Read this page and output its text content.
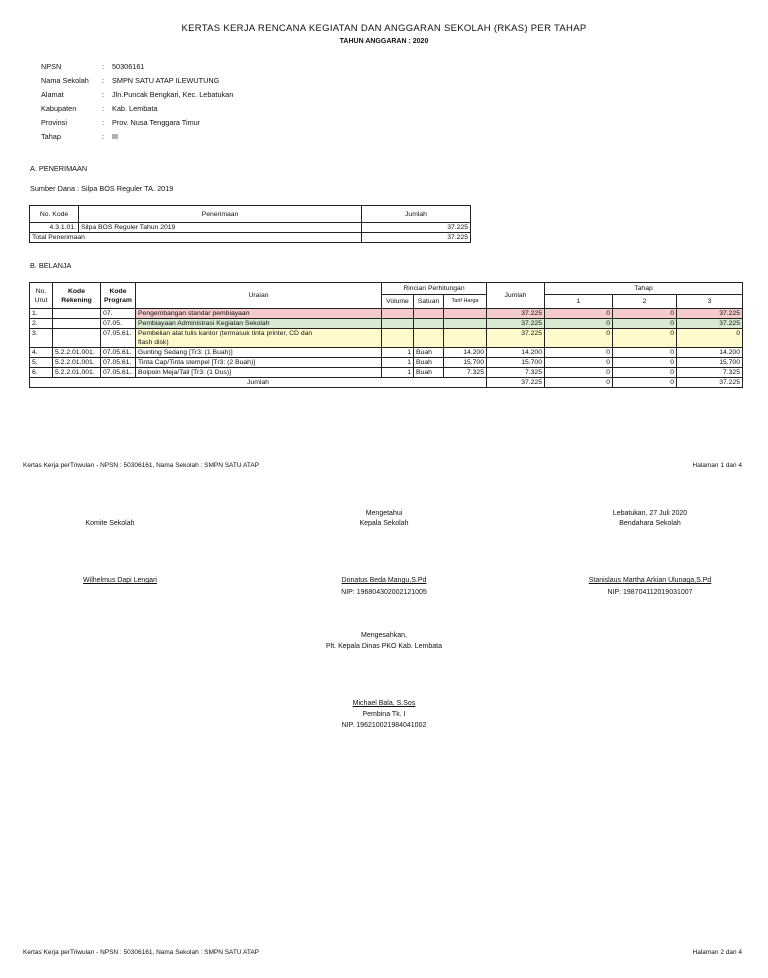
KERTAS KERJA RENCANA KEGIATAN DAN ANGGARAN SEKOLAH (RKAS) PER TAHAP
TAHUN ANGGARAN : 2020
NPSN	: 50306161
Nama Sekolah	: SMPN SATU ATAP ILEWUTUNG
Alamat	: Jln.Puncak Bengkari, Kec. Lebatukan
Kabupaten	: Kab. Lembata
Provinsi	: Prov. Nusa Tenggara Timur
Tahap	: III
A. PENERIMAAN
Sumber Dana : Silpa BOS Reguler TA. 2019
No. Kode	Penerimaan	Jumlah
4.3.1.01.	Silpa BOS Reguler Tahun 2019	37.225
Total Penerimaan		37.225
B. BELANJA
No. Urut	Kode Rekening	Kode Program	Uraian	Rincian Perhitungan			Jumlah	Tahap		
				Volume	Satuan	Tarif Harga		1	2	3
1.		07.	Pengembangan standar pembiayaan				37.225	0	0	37.225
2.		07.05.	Pembiayaan Administrasi Kegiatan Sekolah				37.225	0	0	37.225
3.		07.05.61.	Pembelian alat tulis kantor (termasuk tinta printer, CD dan
flash disk)				37.225	0	0	0
4.	5.2.2.01.001.	07.05.61.	Gunting Sedang [Tr3: (1 Buah)]	1	Buah	14.200	14.200	0	0	14.200
5.	5.2.2.01.001.	07.05.61.	Tinta Cap/Tinta stempel [Tr3: (2 Buah)]	1	Buah	15.700	15.700	0	0	15.700
6.	5.2.2.01.001.	07.05.61.	Bolpoin Meja/Tali [Tr3: (1 Dus)]	1	Buah	7.325	7.325	0	0	7.325
Jumlah							37.225	0	0	37.225
Kertas Kerja perTriwulan - NPSN : 50306161, Nama Sekolah : SMPN SATU ATAP	Halaman 1 dari 4
Mengetahui	Lebatukan, 27 Juli 2020
Komite Sekolah	Kepala Sekolah	Bendahara Sekolah
Wilhelmus Dapi Lengari	Donatus Beda Mangu,S.Pd	Stanislaus Martha Arkian Ulunaga,S.Pd
NIP: 196804302002121005	NIP: 198704112019031007
Mengesahkan,
Plt. Kepala Dinas PKO Kab. Lembata
Michael Bala, S.Sos
Pembina Tk. I
NIP. 196210021984041002
Kertas Kerja perTriwulan - NPSN : 50306161, Nama Sekolah : SMPN SATU ATAP	Halaman 2 dari 4
